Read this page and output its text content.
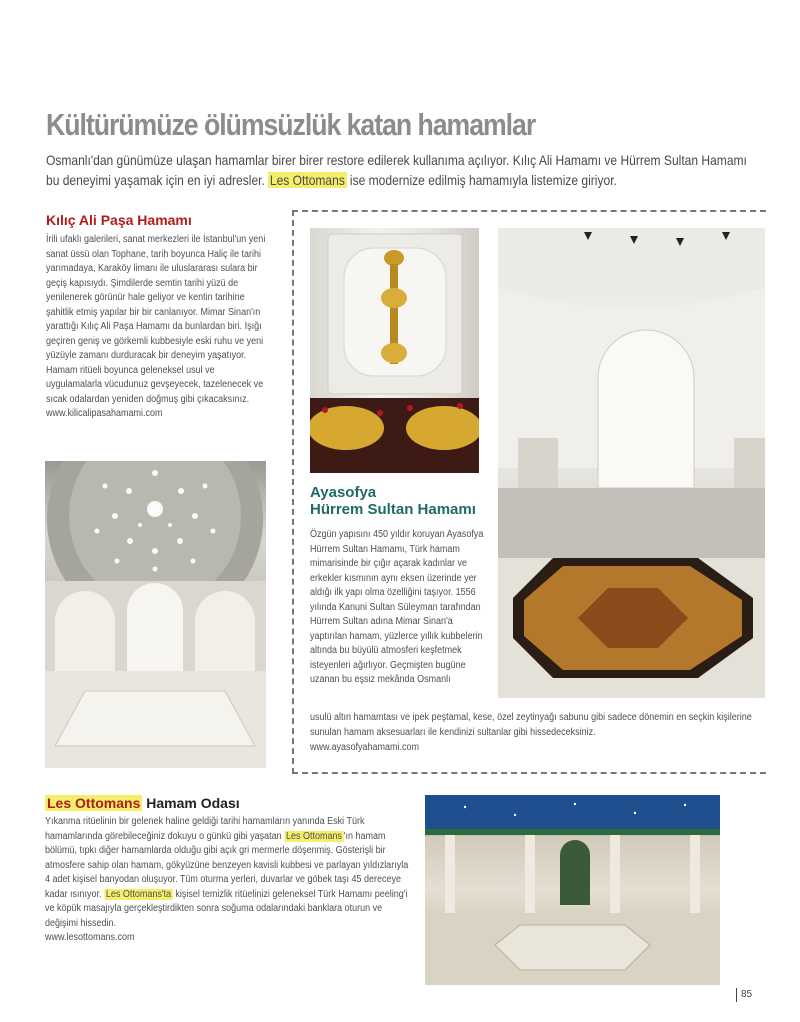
Kültürümüze ölümsüzlük katan hamamlar
Osmanlı'dan günümüze ulaşan hamamlar birer birer restore edilerek kullanıma açılıyor. Kılıç Ali Hamamı ve Hürrem Sultan Hamamı bu deneyimi yaşamak için en iyi adresler. Les Ottomans ise modernize edilmiş hamamıyla listemize giriyor.
Kılıç Ali Paşa Hamamı
İrili ufaklı galerileri, sanat merkezleri ile İstanbul'un yeni sanat üssü olan Tophane, tarih boyunca Haliç ile tarihi yarımadaya, Karaköy limanı ile uluslararası sulara bir geçiş kapısıydı. Şimdilerde semtin tarihi yüzü de yenilenerek görünür hale geliyor ve kentin tarihine şahitlik etmiş yapılar bir bir canlanıyor. Mimar Sinan'ın yarattığı Kılıç Ali Paşa Hamamı da bunlardan biri. Işığı geçiren geniş ve görkemli kubbesiyle eski ruhu ve yeni yüzüyle zamanı durduracak bir deneyim yaşatıyor. Hamam ritüeli boyunca geleneksel usul ve uygulamalarla vücudunuz gevşeyecek, tazelenecek ve sıcak odalardan yeniden doğmuş gibi çıkacaksınız.
www.kilicalipasahamami.com
Ayasofya
Hürrem Sultan Hamamı
Özgün yapısını 450 yıldır koruyan Ayasofya Hürrem Sultan Hamamı, Türk hamam mimarisinde bir çığır açarak kadınlar ve erkekler kısmının aynı eksen üzerinde yer aldığı ilk yapı olma özelliğini taşıyor. 1556 yılında Kanuni Sultan Süleyman tarafından Hürrem Sultan adına Mimar Sinan'a yaptırılan hamam, yüzlerce yıllık kubbelerin altında bu büyülü atmosferi keşfetmek isteyenleri ağırlıyor. Geçmişten bugüne uzanan bu eşsiz mekânda Osmanlı
usulü altın hamamtası ve ipek peştamal, kese, özel zeytinyağı sabunu gibi sadece dönemin en seçkin kişilerine sunulan hamam aksesuarları ile kendinizi sultanlar gibi hissedeceksiniz.
www.ayasofyahamami.com
Les Ottomans Hamam Odası
Yıkanma ritüelinin bir gelenek haline geldiği tarihi hamamların yanında Eski Türk hamamlarında görebileceğiniz dokuyu o günkü gibi yaşatan Les Ottomans 'ın hamam bölümü, tıpkı diğer hamamlarda olduğu gibi açık gri mermerle döşenmiş. Gösterişli bir atmosfere sahip olan hamam, gökyüzüne benzeyen kavisli kubbesi ve parlayan yıldızlarıyla 4 adet kişisel banyodan oluşuyor. Tüm oturma yerleri, duvarlar ve göbek taşı 45 dereceye kadar ısınıyor. Les Ottomans'ta kişisel temizlik ritüelinizi geleneksel Türk Hamamı peeling'i ve köpük masajıyla gerçekleştirdikten sonra soğuma odalarındaki banklara oturun ve değişimi hissedin.
www.lesottomans.com
85
